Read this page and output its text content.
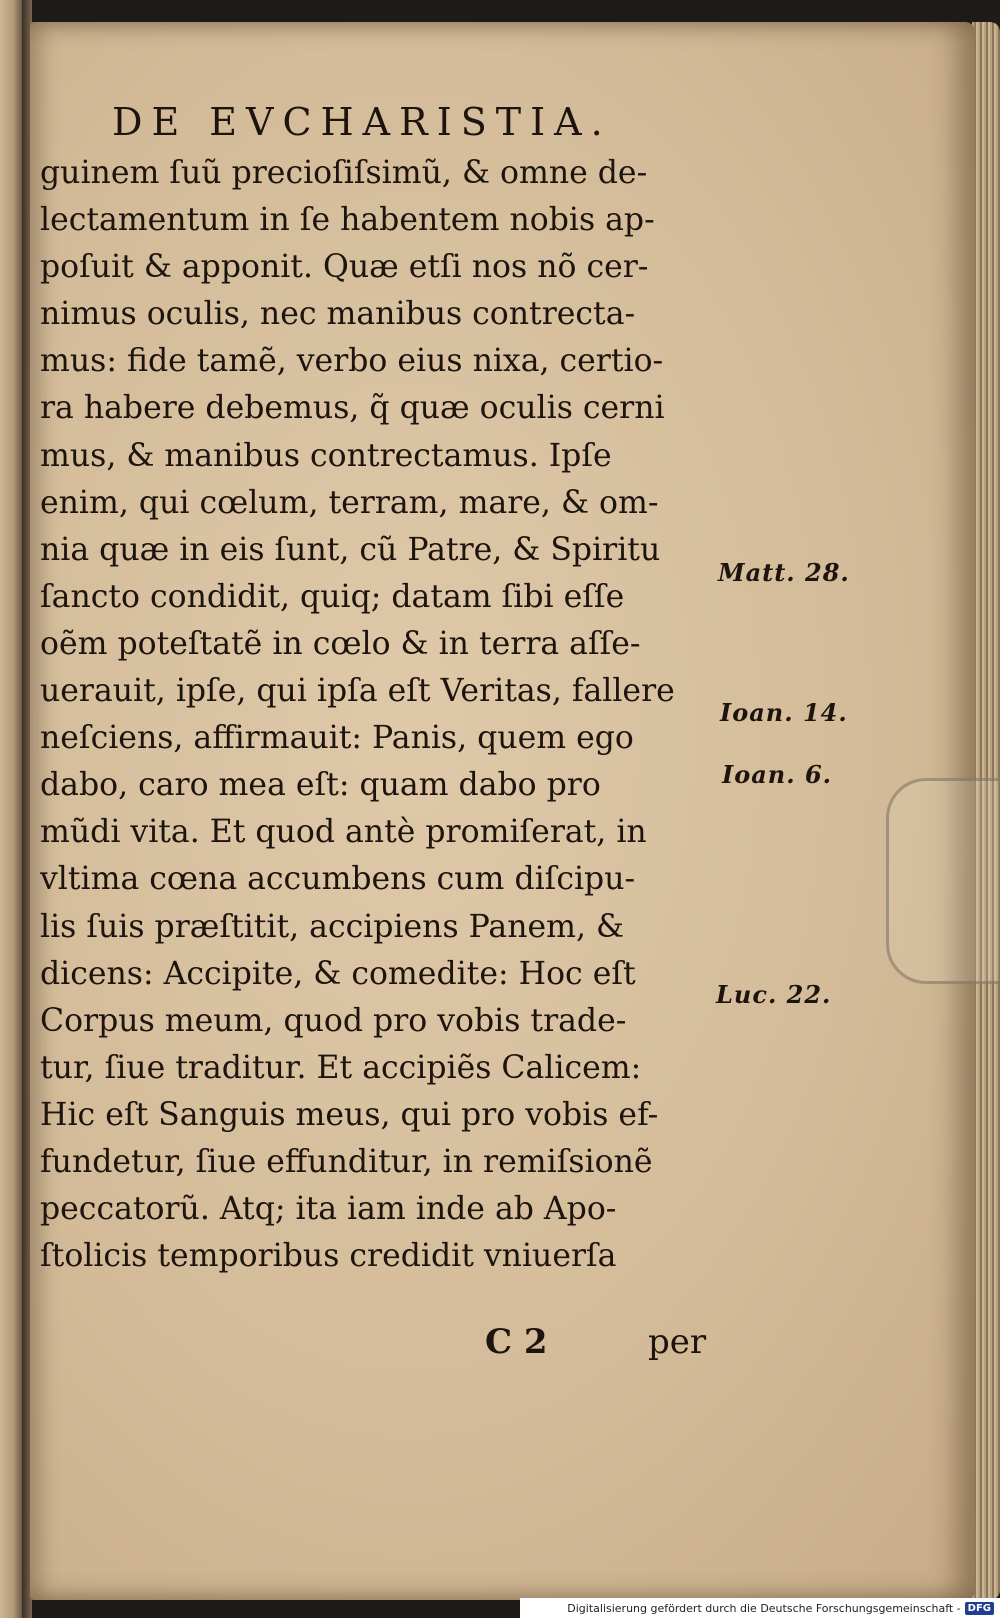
DE EVCHARISTIA.
guinem ſuũ precioſiſsimũ, & omne de-
lectamentum in ſe habentem nobis ap-
poſuit & apponit. Quæ etſi nos nõ cer-
nimus oculis, nec manibus contrecta-
mus: fide tamẽ, verbo eius nixa, certio-
ra habere debemus, q̃ quæ oculis cerni
mus, & manibus contrectamus. Ipſe
enim, qui cœlum, terram, mare, & om-
nia quæ in eis ſunt, cũ Patre, & Spiritu
ſancto condidit, quiq; datam ſibi eſſe
oẽm poteſtatẽ in cœlo & in terra aſſe-
uerauit, ipſe, qui ipſa eſt Veritas, fallere
neſciens, affirmauit: Panis, quem ego
dabo, caro mea eſt: quam dabo pro
mũdi vita. Et quod antè promiſerat, in
vltima cœna accumbens cum diſcipu-
lis ſuis præſtitit, accipiens Panem, &
dicens: Accipite, & comedite: Hoc eſt
Corpus meum, quod pro vobis trade-
tur, ſiue traditur. Et accipiẽs Calicem:
Hic eſt Sanguis meus, qui pro vobis ef-
fundetur, ſiue effunditur, in remiſsionẽ
peccatorũ. Atq; ita iam inde ab Apo-
ſtolicis temporibus credidit vniuerſa
Matt. 28.
Ioan. 14.
Ioan. 6.
Luc. 22.
C 2	per
Digitalisierung gefördert durch die Deutsche Forschungsgemeinschaft - DFG
